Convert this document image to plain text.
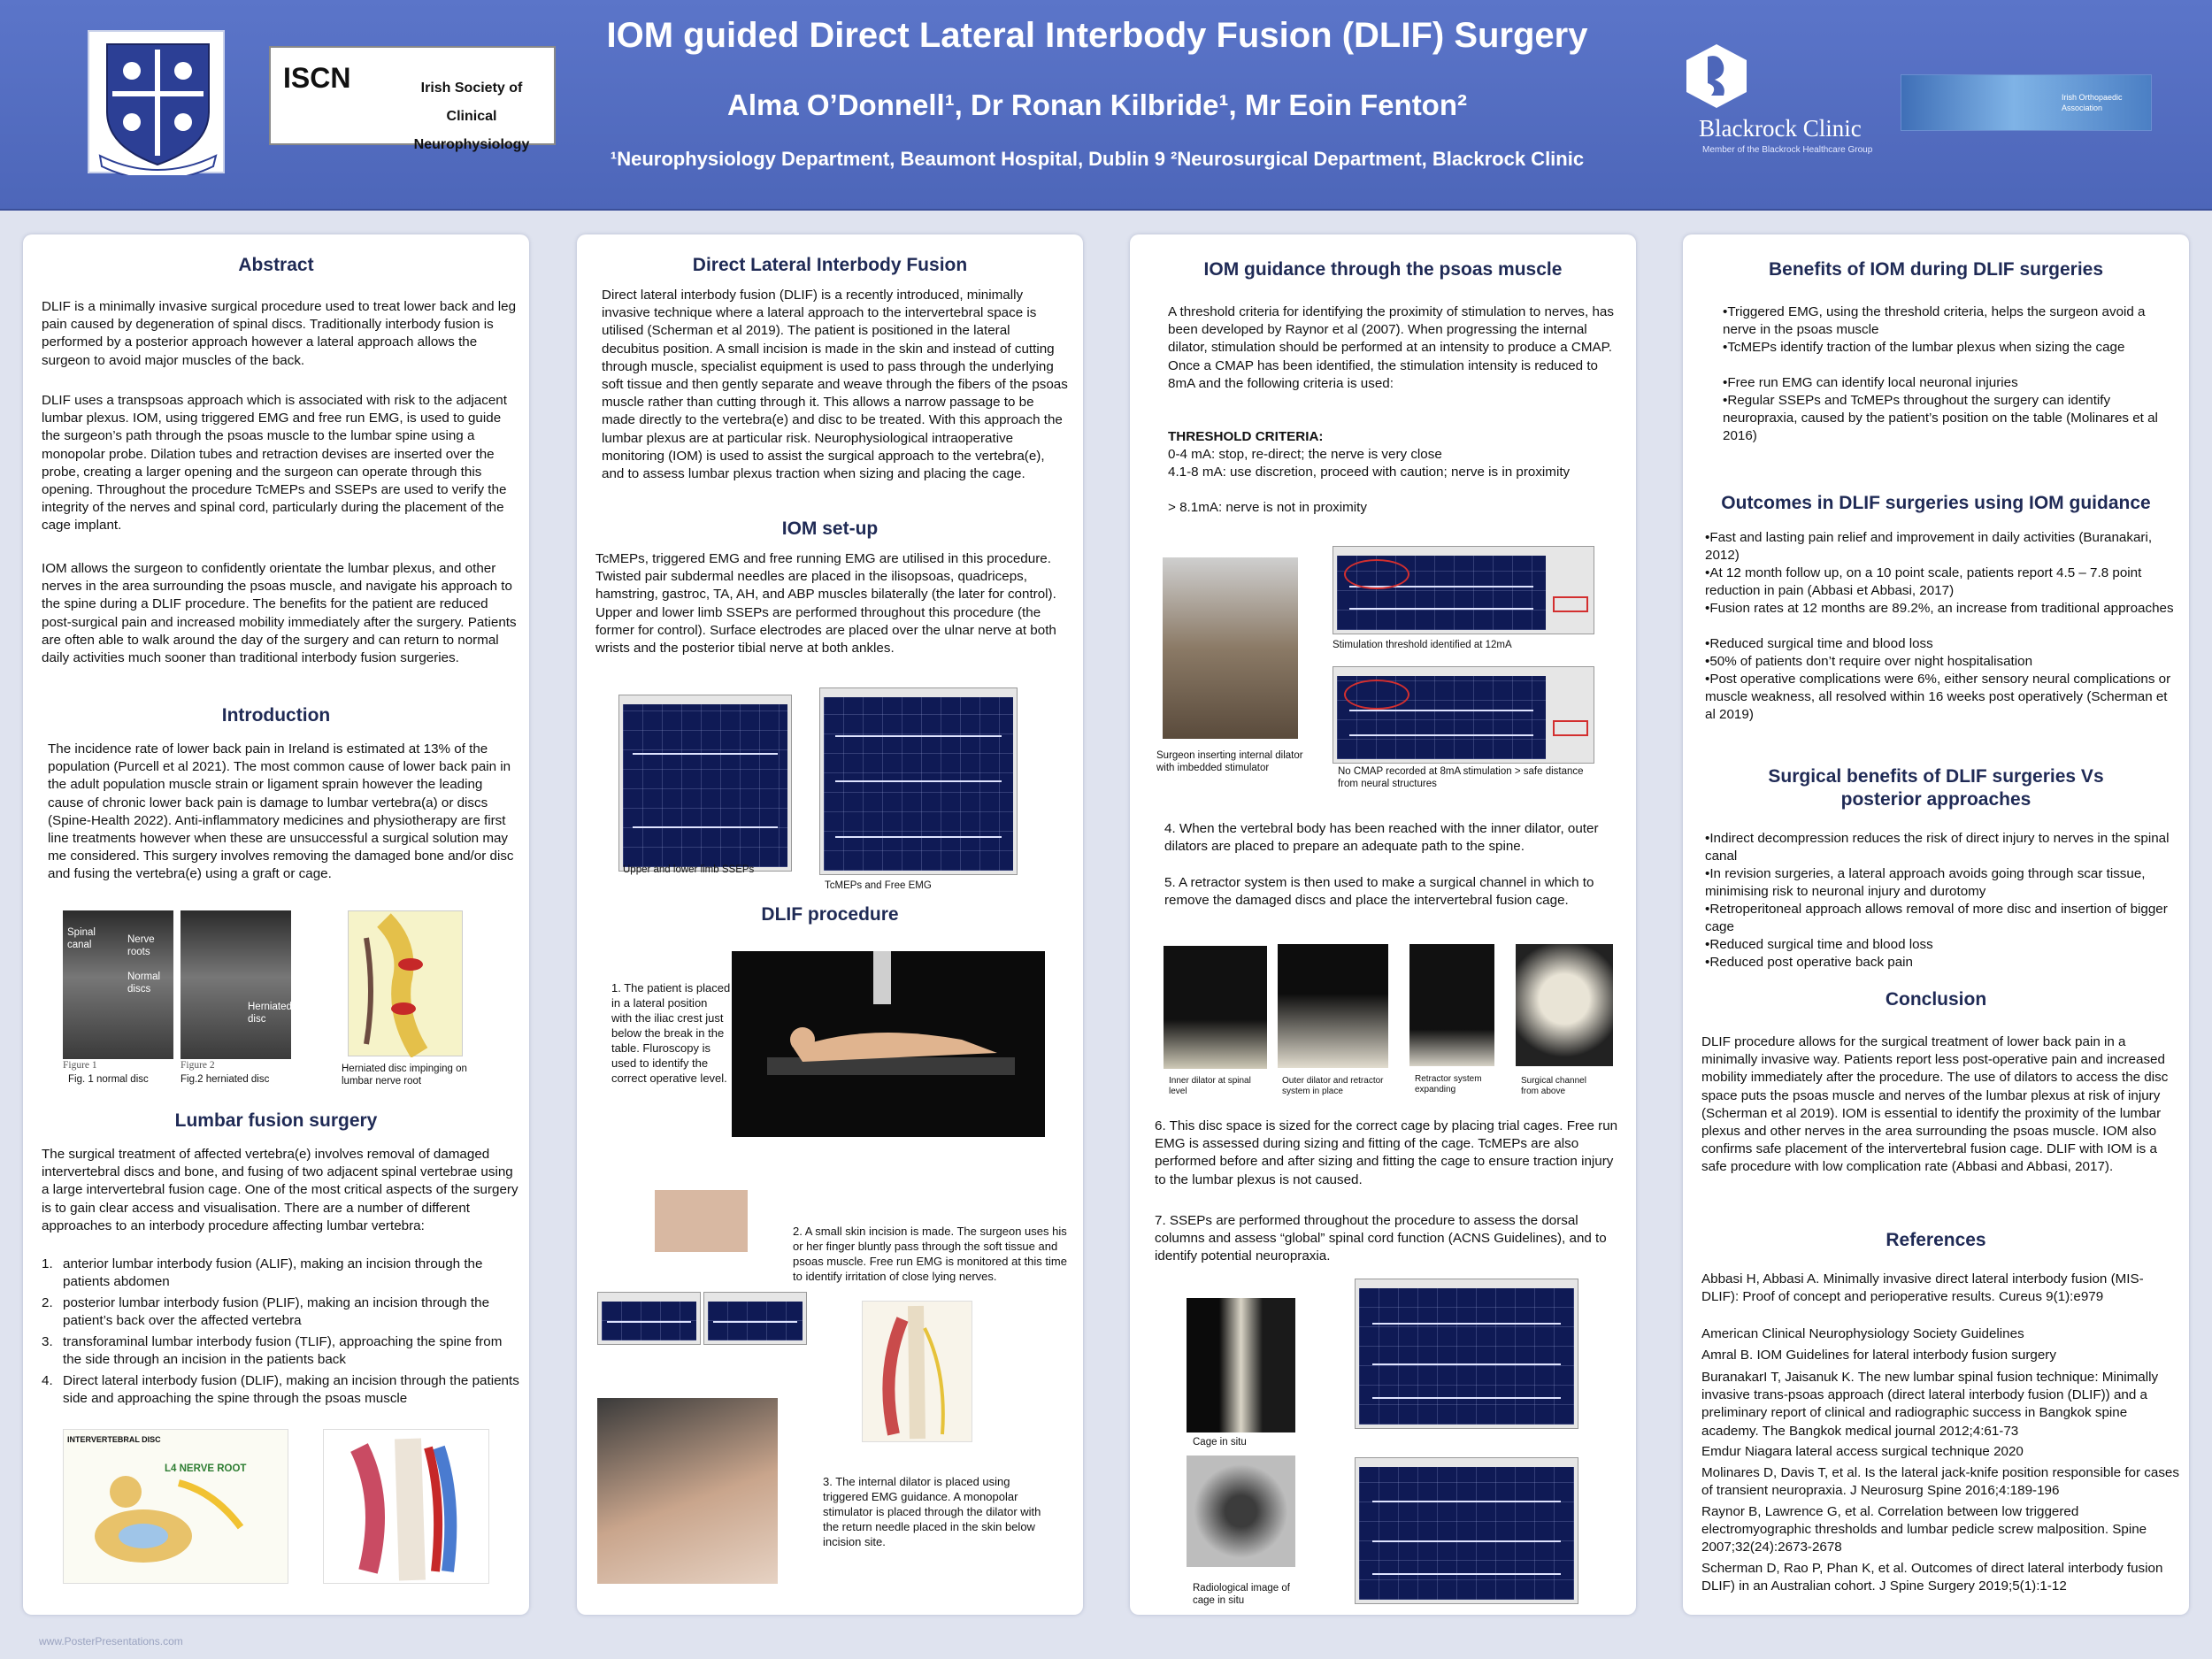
ISCN	Irish Society of Clinical Neurophysiology
IOM guided Direct Lateral Interbody Fusion (DLIF) Surgery
Alma O’Donnell¹, Dr Ronan Kilbride¹, Mr Eoin Fenton²
¹Neurophysiology Department, Beaumont Hospital, Dublin 9 ²Neurosurgical Department, Blackrock Clinic
Blackrock Clinic
Member of the Blackrock Healthcare Group
Irish Orthopaedic Association
Abstract
DLIF is a minimally invasive surgical procedure used to treat lower back and leg pain caused by degeneration of spinal discs. Traditionally interbody fusion is performed by a posterior approach however a lateral approach allows the surgeon to avoid major muscles of the back.
DLIF uses a transpsoas approach which is associated with risk to the adjacent lumbar plexus. IOM, using triggered EMG and free run EMG, is used to guide the surgeon’s path through the psoas muscle to the lumbar spine using a monopolar probe. Dilation tubes and retraction devises are inserted over the probe, creating a larger opening and the surgeon can operate through this opening. Throughout the procedure TcMEPs and SSEPs are used to verify the integrity of the nerves and spinal cord, particularly during the placement of the cage implant.
IOM allows the surgeon to confidently orientate the lumbar plexus, and other nerves in the area surrounding the psoas muscle, and navigate his approach to the spine during a DLIF procedure. The benefits for the patient are reduced post-surgical pain and increased mobility immediately after the surgery. Patients are often able to walk around the day of the surgery and can return to normal daily activities much sooner than traditional interbody fusion surgeries.
Introduction
The incidence rate of lower back pain in Ireland is estimated at 13% of the population (Purcell et al 2021). The most common cause of lower back pain in the adult population muscle strain or ligament sprain however the leading cause of chronic lower back pain is damage to lumbar vertebra(a) or discs (Spine-Health 2022). Anti-inflammatory medicines and physiotherapy are first line treatments however when these are unsuccessful a surgical solution may me considered. This surgery involves removing the damaged bone and/or disc and fusing the vertebra(e) using a graft or cage.
Spinal canal	Nerve roots
Normal discs
Herniated disc
Figure 1	Figure 2
Fig. 1 normal disc	Fig.2 herniated disc
Herniated disc impinging on lumbar nerve root
Lumbar fusion surgery
The surgical treatment of affected vertebra(e) involves removal of damaged intervertebral discs and bone, and fusing of two adjacent spinal vertebrae using a large intervertebral fusion cage. One of the most critical aspects of the surgery is to gain clear access and visualisation. There are a number of different approaches to an interbody procedure affecting lumbar vertebra:
1. anterior lumbar interbody fusion (ALIF), making an incision through the patients abdomen
2. posterior lumbar interbody fusion (PLIF), making an incision through the patient’s back over the affected vertebra
3. transforaminal lumbar interbody fusion (TLIF), approaching the spine from the side through an incision in the patients back
4. Direct lateral interbody fusion (DLIF), making an incision through the patients side and approaching the spine through the psoas muscle
INTERVERTEBRAL DISC
L4 NERVE ROOT
Direct Lateral Interbody Fusion
Direct lateral interbody fusion (DLIF) is a recently introduced, minimally invasive technique where a lateral approach to the intervertebral space is utilised (Scherman et al 2019). The patient is positioned in the lateral decubitus position. A small incision is made in the skin and instead of cutting through muscle, specialist equipment is used to pass through the underlying soft tissue and then gently separate and weave through the fibers of the psoas muscle rather than cutting through it. This allows a narrow passage to be made directly to the vertebra(e) and disc to be treated. With this approach the lumbar plexus are at particular risk. Neurophysiological intraoperative monitoring (IOM) is used to assist the surgical approach to the vertebra(e), and to assess lumbar plexus traction when sizing and placing the cage.
IOM set-up
TcMEPs, triggered EMG and free running EMG are utilised in this procedure. Twisted pair subdermal needles are placed in the ilisopsoas, quadriceps, hamstring, gastroc, TA, AH, and ABP muscles bilaterally (the later for control). Upper and lower limb SSEPs are performed throughout this procedure (the former for control). Surface electrodes are placed over the ulnar nerve at both wrists and the posterior tibial nerve at both ankles.
Upper and lower limb SSEPs
TcMEPs and Free EMG
DLIF procedure
1. The patient is placed in a lateral position with the iliac crest just below the break in the table. Fluroscopy is used to identify the correct operative level.
2. A small skin incision is made. The surgeon uses his or her finger bluntly pass through the soft tissue and psoas muscle. Free run EMG is monitored at this time to identify irritation of close lying nerves.
3. The internal dilator is placed using triggered EMG guidance. A monopolar stimulator is placed through the dilator with the return needle placed in the skin below incision site.
IOM guidance through the psoas muscle
A threshold criteria for identifying the proximity of stimulation to nerves, has been developed by Raynor et al (2007). When progressing the internal dilator, stimulation should be performed at an intensity to produce a CMAP. Once a CMAP has been identified, the stimulation intensity is reduced to 8mA and the following criteria is used:
THRESHOLD CRITERIA:
0-4 mA: stop, re-direct; the nerve is very close
4.1-8 mA: use discretion, proceed with caution; nerve is in proximity
> 8.1mA: nerve is not in proximity
Surgeon inserting internal dilator with imbedded stimulator
Stimulation threshold identified at 12mA
No CMAP recorded at 8mA stimulation > safe distance from neural structures
4. When the vertebral body has been reached with the inner dilator, outer dilators are placed to prepare an adequate path to the spine.
5. A retractor system is then used to make a surgical channel in which to remove the damaged discs and place the intervertebral fusion cage.
Inner dilator at spinal level
Outer dilator and retractor system in place
Retractor system expanding
Surgical channel from above
6. This disc space is sized for the correct cage by placing trial cages. Free run EMG is assessed during sizing and fitting of the cage. TcMEPs are also performed before and after sizing and fitting the cage to ensure traction injury to the lumbar plexus is not caused.
7. SSEPs are performed throughout the procedure to assess the dorsal columns and assess “global” spinal cord function (ACNS Guidelines), and to identify potential neuropraxia.
Cage in situ
Radiological image of cage in situ
Benefits of IOM during DLIF surgeries
•Triggered EMG, using the threshold criteria, helps the surgeon avoid a nerve in the psoas muscle
•TcMEPs identify traction of the lumbar plexus when sizing the cage
•Free run EMG can identify local neuronal injuries
•Regular SSEPs and TcMEPs throughout the surgery can identify neuropraxia, caused by the patient’s position on the table (Molinares et al 2016)
Outcomes in DLIF surgeries using IOM guidance
•Fast and lasting pain relief and improvement in daily activities (Buranakari, 2012)
•At 12 month follow up, on a 10 point scale, patients report 4.5 – 7.8 point reduction in pain (Abbasi et Abbasi, 2017)
•Fusion rates at 12 months are 89.2%, an increase from traditional approaches
•Reduced surgical time and blood loss
•50% of patients don’t require over night hospitalisation
•Post operative complications were 6%, either sensory neural complications or muscle weakness, all resolved within 16 weeks post operatively (Scherman et al 2019)
Surgical benefits of DLIF surgeries Vs posterior approaches
•Indirect decompression reduces the risk of direct injury to nerves in the spinal canal
•In revision surgeries, a lateral approach avoids going through scar tissue, minimising risk to neuronal injury and durotomy
•Retroperitoneal approach allows removal of more disc and insertion of bigger cage
•Reduced surgical time and blood loss
•Reduced post operative back pain
Conclusion
DLIF procedure allows for the surgical treatment of lower back pain in a minimally invasive way. Patients report less post-operative pain and increased mobility immediately after the procedure. The use of dilators to access the disc space puts the psoas muscle and nerves of the lumbar plexus at risk of injury (Scherman et al 2019). IOM is essential to identify the proximity of the lumbar plexus and other nerves in the area surrounding the psoas muscle. IOM also confirms safe placement of the intervertebral fusion cage. DLIF with IOM is a safe procedure with low complication rate (Abbasi and Abbasi, 2017).
References
Abbasi H, Abbasi A. Minimally invasive direct lateral interbody fusion (MIS-DLIF): Proof of concept and perioperative results. Cureus 9(1):e979
American Clinical Neurophysiology Society Guidelines
Amral B. IOM Guidelines for lateral interbody fusion surgery
BuranakarI T, Jaisanuk K. The new lumbar spinal fusion technique: Minimally invasive trans-psoas approach (direct lateral interbody fusion (DLIF)) and a preliminary report of clinical and radiographic success in Bangkok spine academy. The Bangkok medical journal 2012;4:61-73
Emdur Niagara lateral access surgical technique 2020
Molinares D, Davis T, et al. Is the lateral jack-knife position responsible for cases of transient neuropraxia. J Neurosurg Spine 2016;4:189-196
Raynor B, Lawrence G, et al. Correlation between low triggered electromyographic thresholds and lumbar pedicle screw malposition. Spine 2007;32(24):2673-2678
Scherman D, Rao P, Phan K, et al. Outcomes of direct lateral interbody fusion DLIF) in an Australian cohort. J Spine Surgery 2019;5(1):1-12
www.PosterPresentations.com
